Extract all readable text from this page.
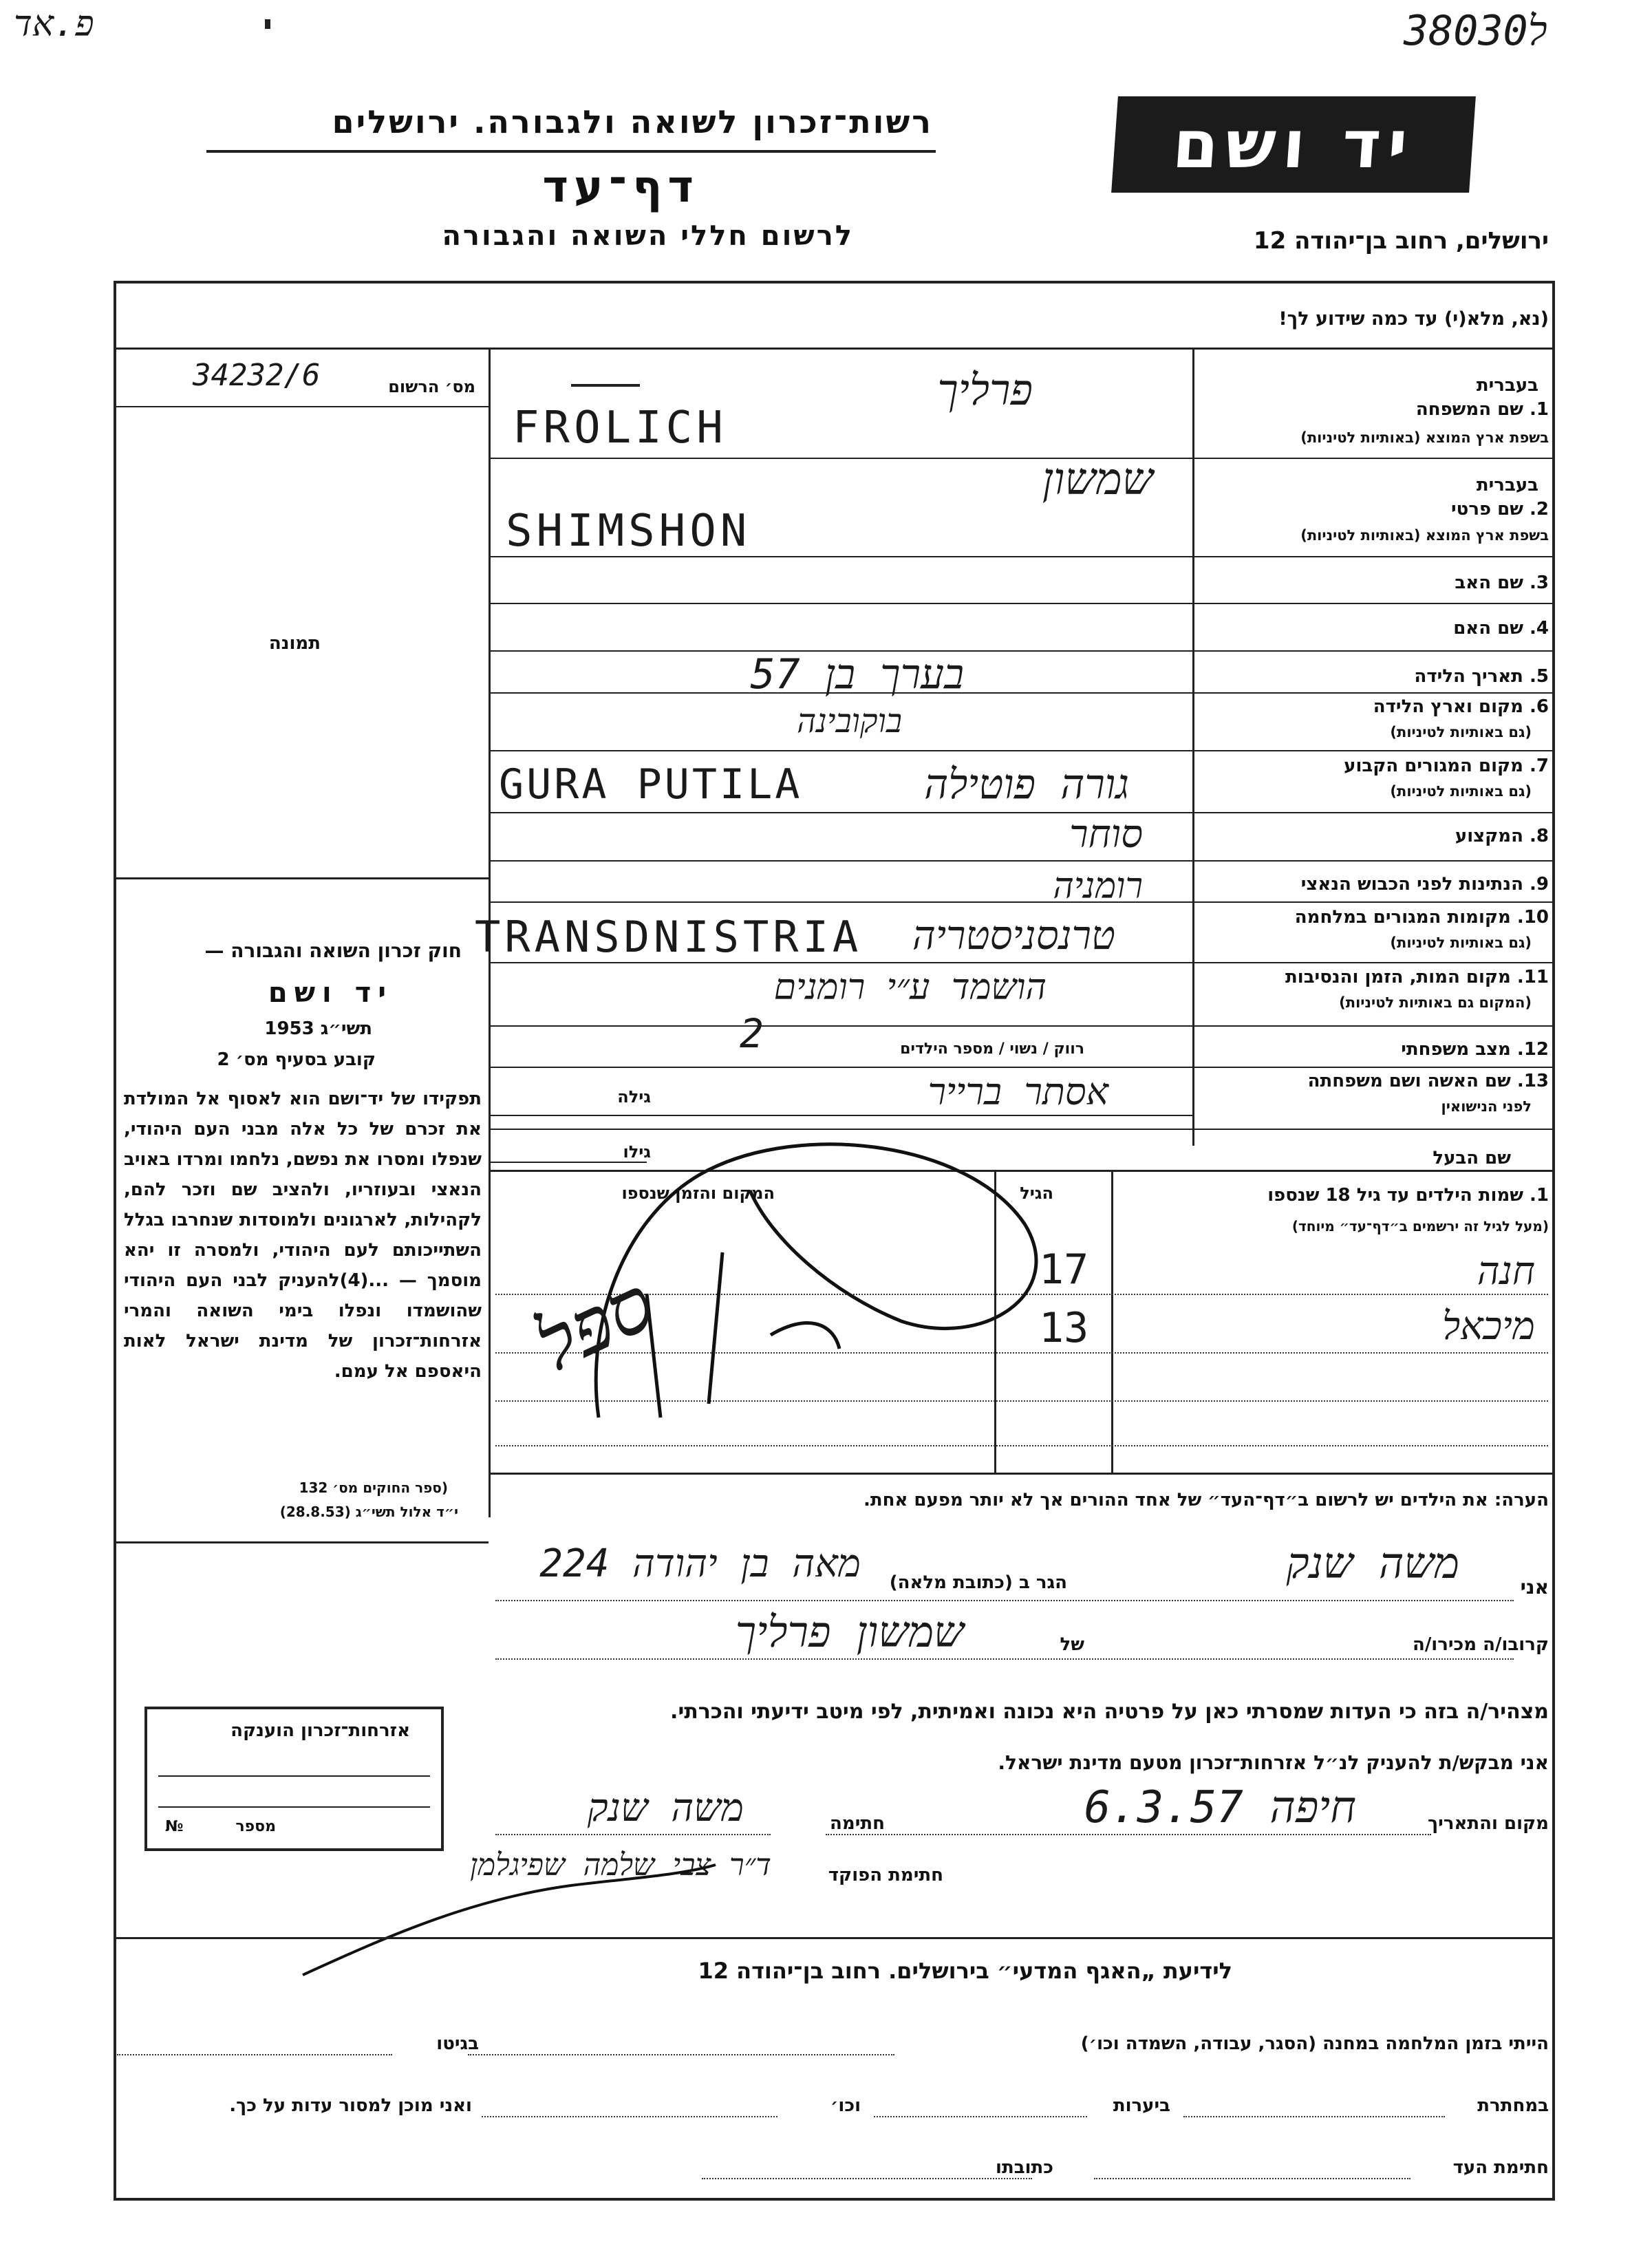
פ.אד	380ל30
רשות־זכרון לשואה ולגבורה. ירושלים
דף־עד
לרשום חללי השואה והגבורה
יד ושם
ירושלים, רחוב בן־יהודה 12
(נא, מלא(י) עד כמה שידוע לך!
מס׳ הרשום
34232/6
תמונה
בעברית
1. שם המשפחה
בשפת ארץ המוצא (באותיות לטיניות)
בעברית
2. שם פרטי
בשפת ארץ המוצא (באותיות לטיניות)
3. שם האב
4. שם האם
5. תאריך הלידה
6. מקום וארץ הלידה
(גם באותיות לטיניות)
7. מקום המגורים הקבוע
(גם באותיות לטיניות)
8. המקצוע
9. הנתינות לפני הכבוש הנאצי
10. מקומות המגורים במלחמה
(גם באותיות לטיניות)
11. מקום המות, הזמן והנסיבות
(המקום גם באותיות לטיניות)
12. מצב משפחתי
13. שם האשה ושם משפחתה
לפני הנישואין
שם הבעל
פרליך
FROLICH
שמשון
SHIMSHON
בערך בן 57
בוקובינה
GURA PUTILA	גורה פוטילה
סוחר
רומניה
TRANSDNISTRIA טרנסניסטריה
הושמד ע״י רומנים
רווק / נשוי / מספר הילדים
2
אסתר ברייר
גילה
גילו
1. שמות הילדים עד גיל 18 שנספו
(מעל לגיל זה ירשמים ב״דף־עד״ מיוחד)
הגיל
המקום והזמן שנספו
חנה
17
מיכאל
13
ספל
חוק זכרון השואה והגבורה —
יד ושם
תשי״ג 1953
קובע בסעיף מס׳ 2
תפקידו של יד־ושם הוא לאסוף אל המולדת את זכרם של כל אלה מבני העם היהודי, שנפלו ומסרו את נפשם, נלחמו ומרדו באויב הנאצי ובעוזריו, ולהציב שם וזכר להם, לקהילות, לארגונים ולמוסדות שנחרבו בגלל השתייכותם לעם היהודי, ולמסרה זו יהא מוסמך — ...(4)להעניק לבני העם היהודי שהושמדו ונפלו בימי השואה והמרי אזרחות־זכרון של מדינת ישראל לאות היאספם אל עמם.
(ספר החוקים מס׳ 132
י״ד אלול תשי״ג (28.8.53)
הערה: את הילדים יש לרשום ב״דף־העד״ של אחד ההורים אך לא יותר מפעם אחת.
אני
משה שנק
הגר ב (כתובת מלאה)
מאה בן יהודה 224
קרובו/ה מכירו/ה
של
שמשון פרליך
מצהיר/ה בזה כי העדות שמסרתי כאן על פרטיה היא נכונה ואמיתית, לפי מיטב ידיעתי והכרתי.
אני מבקש/ת להעניק לנ״ל אזרחות־זכרון מטעם מדינת ישראל.
מקום והתאריך
חיפה 6.3.57
חתימה
משה שנק
חתימת הפוקד
ד״ר צבי שלמה שפיגלמן
אזרחות־זכרון הוענקה
מספר
№
לידיעת „האגף המדעי״ בירושלים. רחוב בן־יהודה 12
הייתי בזמן המלחמה במחנה (הסגר, עבודה, השמדה וכו׳)
בגיטו
במחתרת
ביערות
וכו׳
ואני מוכן למסור עדות על כך.
חתימת העד
כתובתו
